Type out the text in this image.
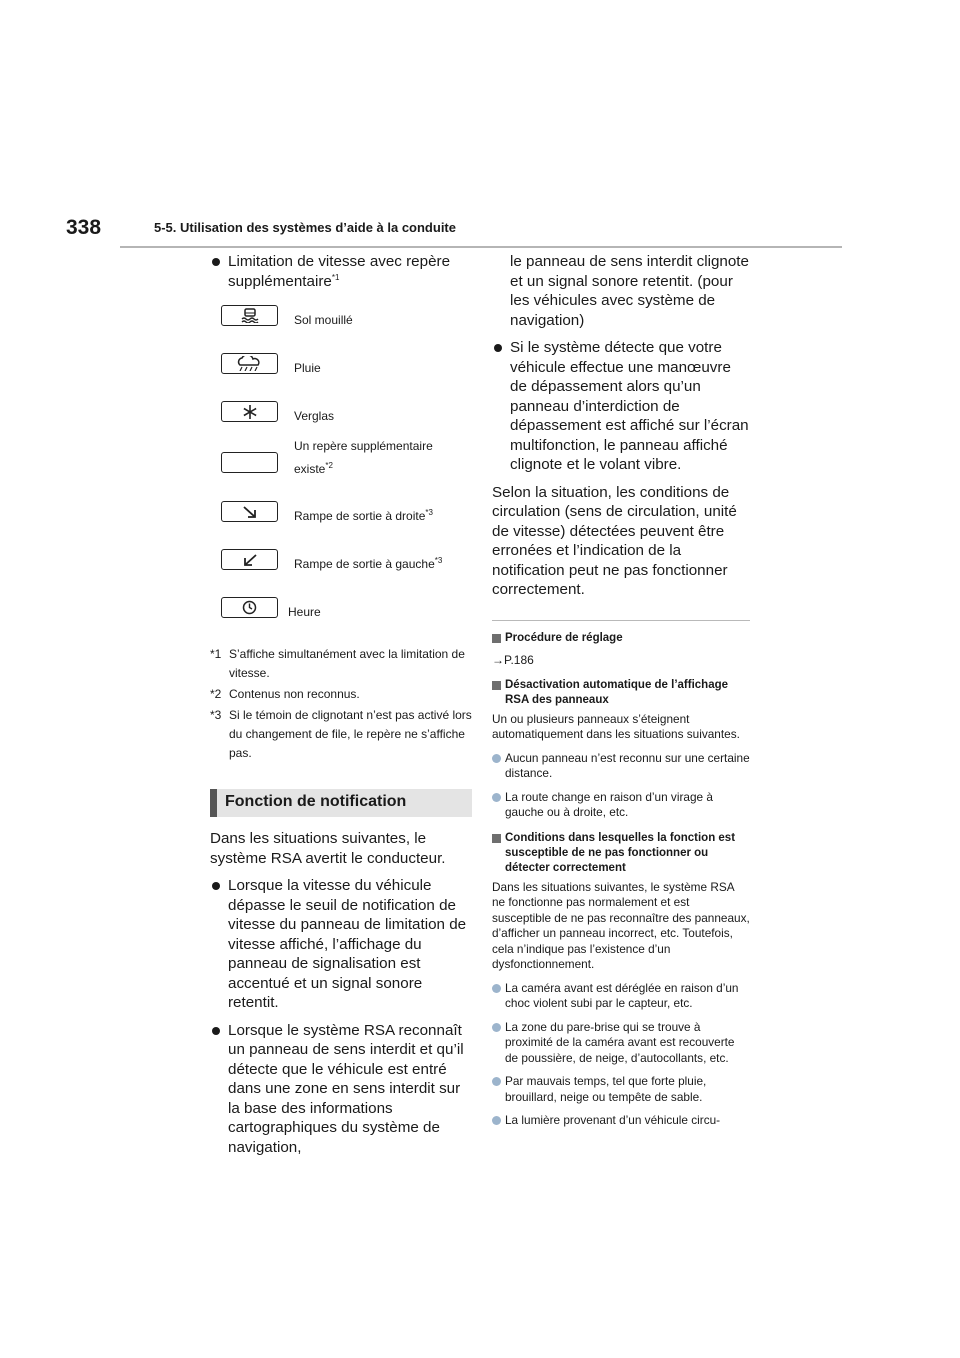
338	5-5. Utilisation des systèmes d’aide à la conduite
Limitation de vitesse avec repère supplémentaire$^{*1}$
Sol mouillé
Pluie
Verglas
Un repère supplémentaire existe$^{*2}$
Rampe de sortie à droite$^{*3}$
Rampe de sortie à gauche$^{*3}$
Heure
*1 S’affiche simultanément avec la limitation de vitesse.
*2 Contenus non reconnus.
*3 Si le témoin de clignotant n’est pas activé lors du changement de file, le repère ne s’affiche pas.
Fonction de notification
Dans les situations suivantes, le système RSA avertit le conducteur.
Lorsque la vitesse du véhicule dépasse le seuil de notification de vitesse du panneau de limitation de vitesse affiché, l’affichage du panneau de signalisation est accentué et un signal sonore retentit.
Lorsque le système RSA reconnaît un panneau de sens interdit et qu’il détecte que le véhicule est entré dans une zone en sens interdit sur la base des informations cartographiques du système de navigation,
le panneau de sens interdit clignote et un signal sonore retentit. (pour les véhicules avec système de navigation)
Si le système détecte que votre véhicule effectue une manœuvre de dépassement alors qu’un panneau d’interdiction de dépassement est affiché sur l’écran multifonction, le panneau affiché clignote et le volant vibre.
Selon la situation, les conditions de circulation (sens de circulation, unité de vitesse) détectées peuvent être erronées et l’indication de la notification peut ne pas fonctionner correctement.
Procédure de réglage
→P.186
Désactivation automatique de l’affichage RSA des panneaux
Un ou plusieurs panneaux s’éteignent automatiquement dans les situations suivantes.
Aucun panneau n’est reconnu sur une certaine distance.
La route change en raison d’un virage à gauche ou à droite, etc.
Conditions dans lesquelles la fonction est susceptible de ne pas fonctionner ou détecter correctement
Dans les situations suivantes, le système RSA ne fonctionne pas normalement et est susceptible de ne pas reconnaître des panneaux, d’afficher un panneau incorrect, etc. Toutefois, cela n’indique pas l’existence d’un dysfonctionnement.
La caméra avant est déréglée en raison d’un choc violent subi par le capteur, etc.
La zone du pare-brise qui se trouve à proximité de la caméra avant est recouverte de poussière, de neige, d’autocollants, etc.
Par mauvais temps, tel que forte pluie, brouillard, neige ou tempête de sable.
La lumière provenant d’un véhicule circu-
